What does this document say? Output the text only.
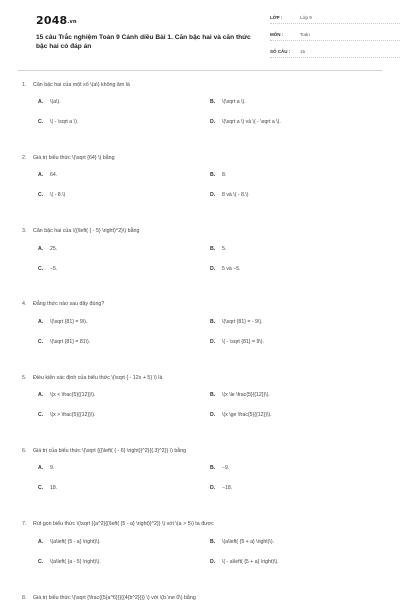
2048.vn
15 câu Trắc nghiệm Toán 9 Cánh diều Bài 1. Căn bậc hai và căn thức bậc hai có đáp án
LỚP :	Lớp 9
MÔN :	Toán
SỐ CÂU :	15
1.	Căn bậc hai của một số \(a\) không âm là
A.	\(a\).	B.	\(\sqrt a \).
C.	\( - \sqrt a \).	D.	\(\sqrt a \) và \( - \sqrt a \).
2.	Giá trị biểu thức \(\sqrt {64} \) bằng
A.	64.	B.	8.
C.	\( - 8.\)	D.	8 và \( - 8.\)
3.	Căn bậc hai của \({\left( { - 5} \right)^2}\) bằng
A.	25.	B.	5.
C.	−5.	D.	5 và −5.
4.	Đẳng thức nào sau đây đúng?
A.	\(\sqrt {81} = 9\).	B.	\(\sqrt {81} = - 9\).
C.	\(\sqrt {81} = 81\).	D.	\( - \sqrt {81} = 9\).
5.	Điều kiện xác định của biểu thức \(\sqrt { - 12x + 5} \) là
A.	\(x < \frac{5}{{12}}\).	B.	\(x \le \frac{5}{{12}}\).
C.	\(x > \frac{5}{{12}}\).	D.	\(x \ge \frac{5}{{12}}\).
6.	Giá trị của biểu thức \(\sqrt {{{\left( { - 6} \right)}^2}{{.3}^2}} \) bằng
A.	9.	B.	−9.
C.	18.	D.	−18.
7.	Rút gọn biểu thức \(\sqrt {{a^2}{{\left( {5 - a} \right)}^2}} \) với \(a > 5\) ta được
A.	\(a\left( {5 - a} \right)\).	B.	\(a\left( {5 + a} \right)\).
C.	\(a\left( {a - 5} \right)\).	D.	\( - a\left( {5 + a} \right)\).
8.	Giá trị biểu thức \(\sqrt {\frac{{5{a^6}}}{{4{b^2}}}} \) với \(b \ne 0\) bằng
